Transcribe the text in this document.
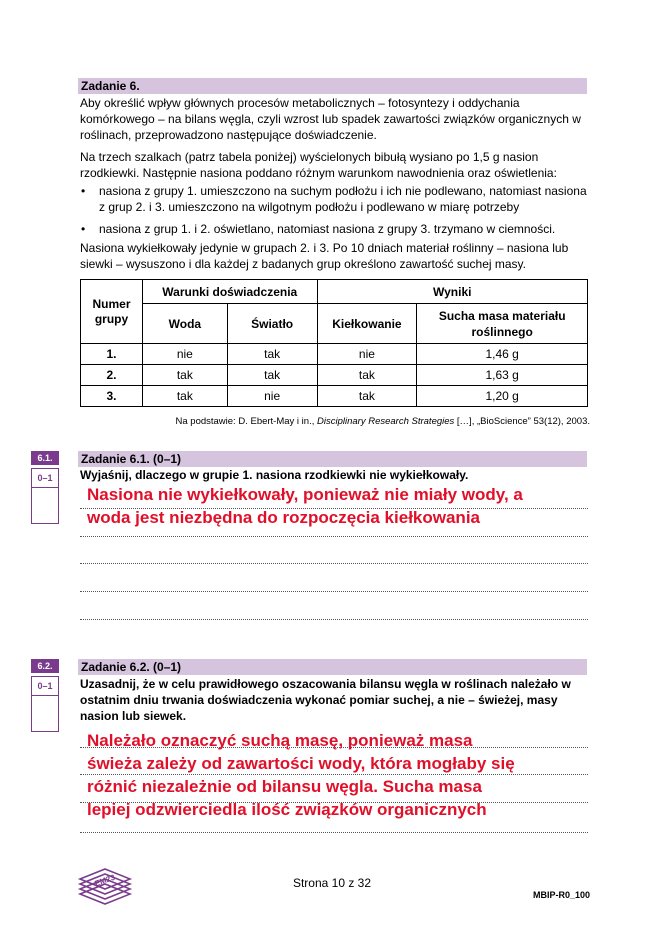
Zadanie 6.
Aby określić wpływ głównych procesów metabolicznych – fotosyntezy i oddychania komórkowego – na bilans węgla, czyli wzrost lub spadek zawartości związków organicznych w roślinach, przeprowadzono następujące doświadczenie.
Na trzech szalkach (patrz tabela poniżej) wyścielonych bibułą wysiano po 1,5 g nasion rzodkiewki. Następnie nasiona poddano różnym warunkom nawodnienia oraz oświetlenia:
• nasiona z grupy 1. umieszczono na suchym podłożu i ich nie podlewano, natomiast nasiona z grup 2. i 3. umieszczono na wilgotnym podłożu i podlewano w miarę potrzeby
• nasiona z grup 1. i 2. oświetlano, natomiast nasiona z grupy 3. trzymano w ciemności.
Nasiona wykiełkowały jedynie w grupach 2. i 3. Po 10 dniach materiał roślinny – nasiona lub siewki – wysuszono i dla każdej z badanych grup określono zawartość suchej masy.
Numer grupy	Warunki doświadczenia		Wyniki	
	Woda	Światło	Kiełkowanie	Sucha masa materiału roślinnego
1.	nie	tak	nie	1,46 g
2.	tak	tak	tak	1,63 g
3.	tak	nie	tak	1,20 g
Na podstawie: D. Ebert-May i in., Disciplinary Research Strategies […], „BioScience” 53(12), 2003.
6.1.
0–1
Zadanie 6.1. (0–1)
Wyjaśnij, dlaczego w grupie 1. nasiona rzodkiewki nie wykiełkowały.
Nasiona nie wykiełkowały, ponieważ nie miały wody, a
woda jest niezbędna do rozpoczęcia kiełkowania
6.2.
0–1
Zadanie 6.2. (0–1)
Uzasadnij, że w celu prawidłowego oszacowania bilansu węgla w roślinach należało w ostatnim dniu trwania doświadczenia wykonać pomiar suchej, a nie – świeżej, masy nasion lub siewek.
Należało oznaczyć suchą masę, ponieważ masa
świeża zależy od zawartości wody, która mogłaby się
różnić niezależnie od bilansu węgla. Sucha masa
lepiej odzwierciedla ilość związków organicznych
EM23	Strona 10 z 32
MBIP-R0_100
